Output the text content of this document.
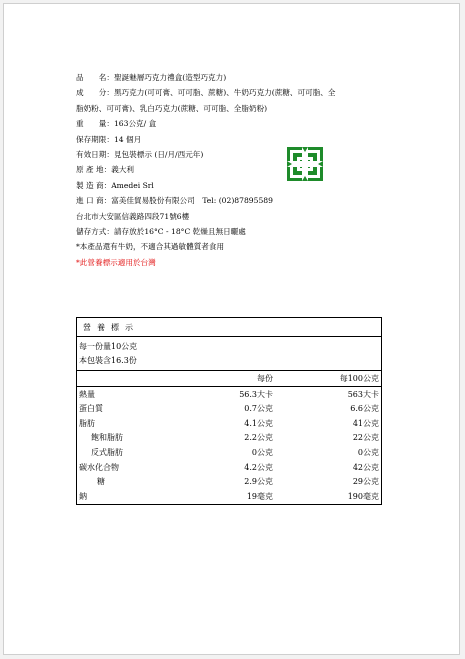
品　　名：聖誕魅層巧克力禮盒(造型巧克力)
成　　分：黑巧克力(可可膏、可可脂、蔗糖)、牛奶巧克力(蔗糖、可可脂、全
脂奶粉、可可膏)、乳白巧克力(蔗糖、可可脂、全脂奶粉)
重　　量：163公克/ 盒
保存期限：14 個月
有效日期：見包裝標示 (日/月/西元年)
原 產 地：義大利
製 造 商：Amedei Srl
進 口 商：富美佳貿易股份有限公司　Tel: (02)87895589
台北市大安區信義路四段71號6樓
儲存方式：請存放於16°C - 18°C 乾燥且無日曬處
*本產品還有牛奶，不適合其過敏體質者食用
*此營養標示適用於台灣
營養標示		
每一份量10公克		
本包裝含16.3份		
	每份	每100公克
熱量	56.3大卡	563大卡
蛋白質	0.7公克	6.6公克
脂肪	4.1公克	41公克
飽和脂肪	2.2公克	22公克
反式脂肪	0公克	0公克
碳水化合物	4.2公克	42公克
糖	2.9公克	29公克
鈉	19毫克	190毫克
